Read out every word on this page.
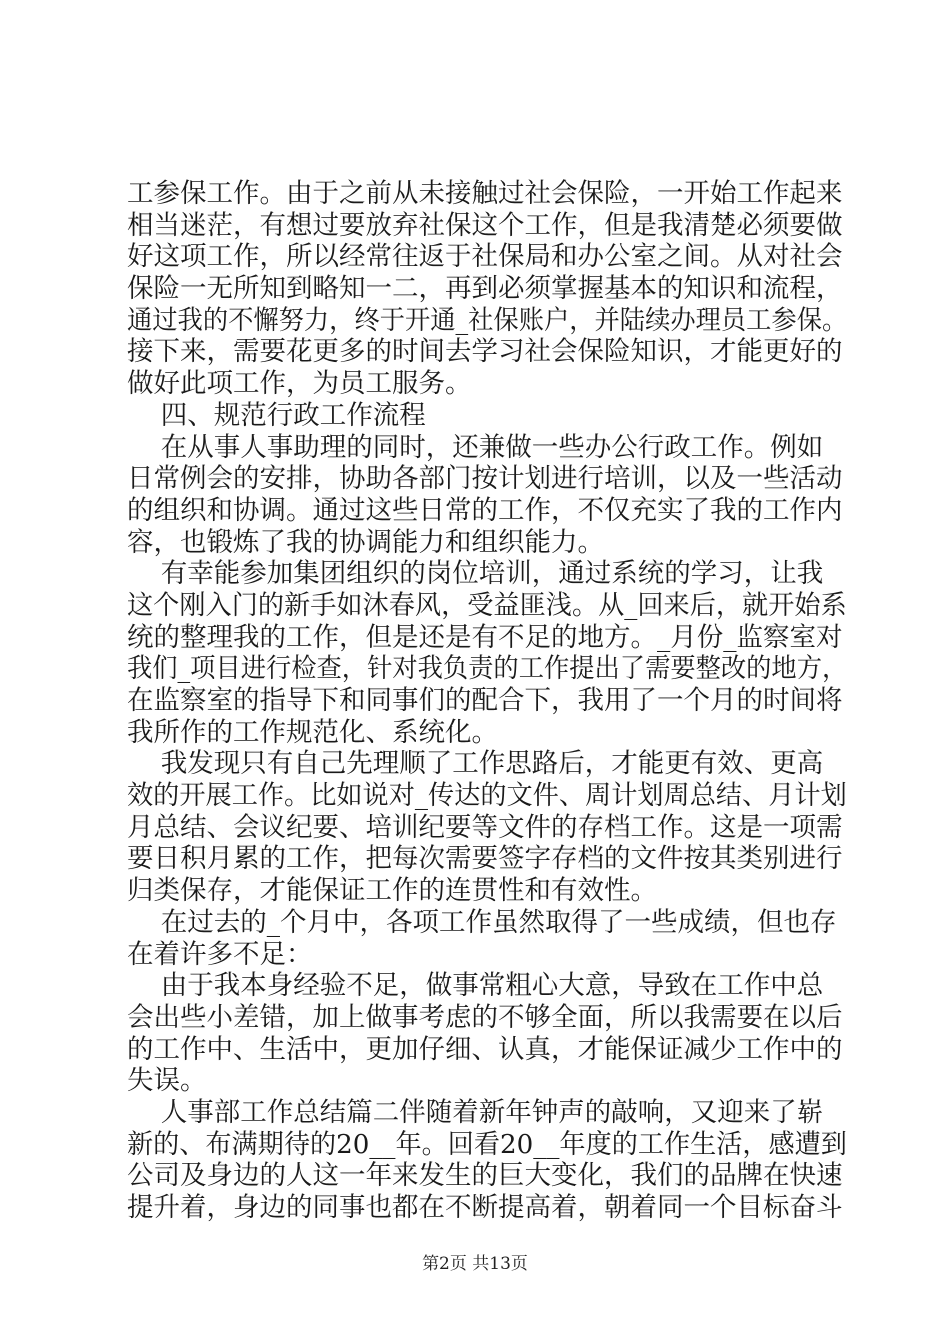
工参保工作。由于之前从未接触过社会保险，一开始工作起来
相当迷茫，有想过要放弃社保这个工作，但是我清楚必须要做
好这项工作，所以经常往返于社保局和办公室之间。从对社会
保险一无所知到略知一二，再到必须掌握基本的知识和流程，
通过我的不懈努力，终于开通_社保账户，并陆续办理员工参保。
接下来，需要花更多的时间去学习社会保险知识，才能更好的
做好此项工作，为员工服务。
四、规范行政工作流程
在从事人事助理的同时，还兼做一些办公行政工作。例如
日常例会的安排，协助各部门按计划进行培训，以及一些活动
的组织和协调。通过这些日常的工作，不仅充实了我的工作内
容，也锻炼了我的协调能力和组织能力。
有幸能参加集团组织的岗位培训，通过系统的学习，让我
这个刚入门的新手如沐春风，受益匪浅。从_回来后，就开始系
统的整理我的工作，但是还是有不足的地方。_月份_监察室对
我们_项目进行检查，针对我负责的工作提出了需要整改的地方，
在监察室的指导下和同事们的配合下，我用了一个月的时间将
我所作的工作规范化、系统化。
我发现只有自己先理顺了工作思路后，才能更有效、更高
效的开展工作。比如说对_传达的文件、周计划周总结、月计划
月总结、会议纪要、培训纪要等文件的存档工作。这是一项需
要日积月累的工作，把每次需要签字存档的文件按其类别进行
归类保存，才能保证工作的连贯性和有效性。
在过去的_个月中，各项工作虽然取得了一些成绩，但也存
在着许多不足：
由于我本身经验不足，做事常粗心大意，导致在工作中总
会出些小差错，加上做事考虑的不够全面，所以我需要在以后
的工作中、生活中，更加仔细、认真，才能保证减少工作中的
失误。
人事部工作总结篇二伴随着新年钟声的敲响，又迎来了崭
新的、布满期待的20__年。回看20__年度的工作生活，感遭到
公司及身边的人这一年来发生的巨大变化，我们的品牌在快速
提升着，身边的同事也都在不断提高着，朝着同一个目标奋斗
第2页 共13页
